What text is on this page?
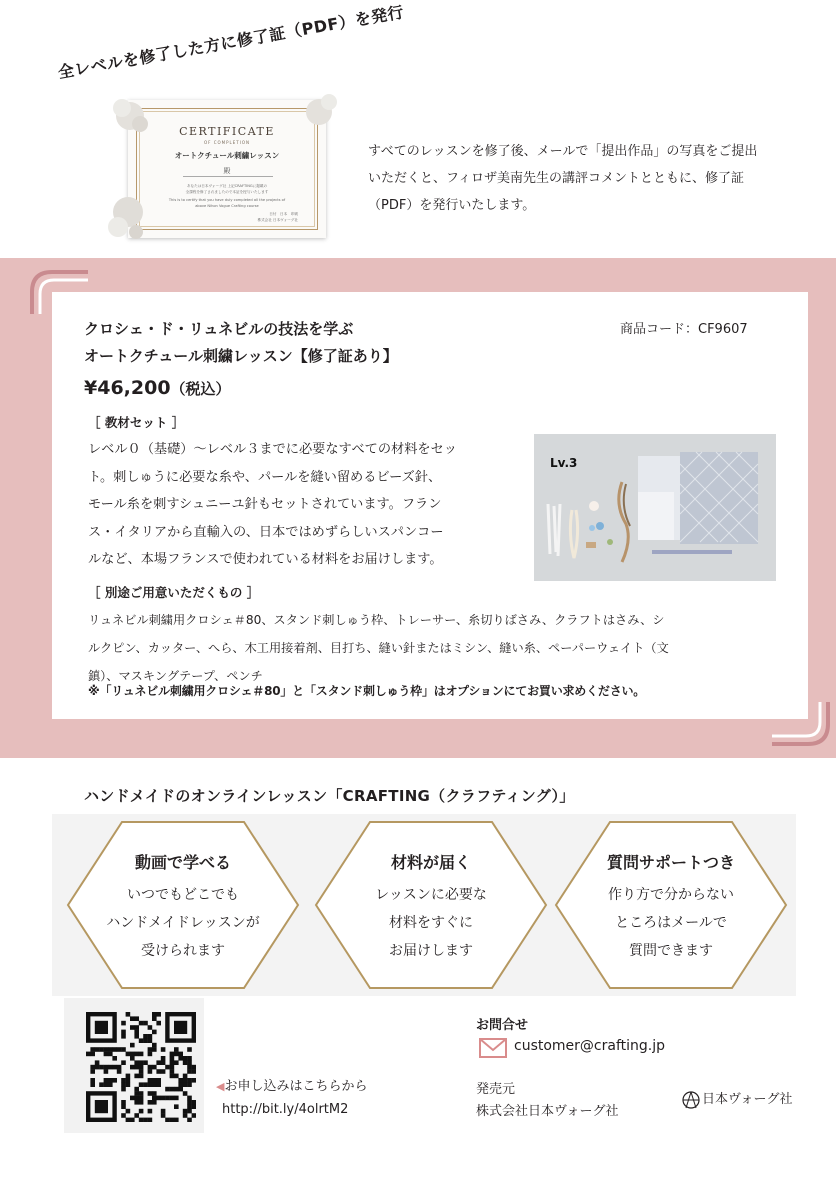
全レベルを修了した方に修了証（PDF）を発行
CERTIFICATE
OF COMPLETION
オートクチュール刺繍レッスン
殿
あなたは日本ヴォーグ社 上記CRAFTINGに掲載の
全課程を修了されましたので本証を授与いたします
This is to certify that you have duly completed all the projects of
above Nihon Vogue Crafting course
日付　日本　印刷
株式会社 日本ヴォーグ社
すべてのレッスンを修了後、メールで「提出作品」の写真をご提出
いただくと、フィロザ美南先生の講評コメントとともに、修了証
（PDF）を発行いたします。
クロシェ・ド・リュネビルの技法を学ぶ
オートクチュール刺繍レッスン【修了証あり】
商品コード：CF9607
¥46,200（税込）
［ 教材セット ］
レベル０（基礎）〜レベル３までに必要なすべての材料をセッ
ト。刺しゅうに必要な糸や、パールを縫い留めるビーズ針、
モール糸を刺すシュニーユ針もセットされています。フラン
ス・イタリアから直輸入の、日本ではめずらしいスパンコー
ルなど、本場フランスで使われている材料をお届けします。
Lv.3
［ 別途ご用意いただくもの ］
リュネビル刺繍用クロシェ＃80、スタンド刺しゅう枠、トレーサー、糸切りばさみ、クラフトはさみ、シ
ルクピン、カッター、へら、木工用接着剤、目打ち、縫い針またはミシン、縫い糸、ペーパーウェイト（文
鎮）、マスキングテープ、ペンチ
※「リュネビル刺繍用クロシェ＃80」と「スタンド刺しゅう枠」はオプションにてお買い求めください。
ハンドメイドのオンラインレッスン「CRAFTING（クラフティング）」
動画で学べる
いつでもどこでも
ハンドメイドレッスンが
受けられます
材料が届く
レッスンに必要な
材料をすぐに
お届けします
質問サポートつき
作り方で分からない
ところはメールで
質問できます
◀お申し込みはこちらから
http://bit.ly/4olrtM2
お問合せ
customer@crafting.jp
発売元
株式会社日本ヴォーグ社
日本ヴォーグ社
